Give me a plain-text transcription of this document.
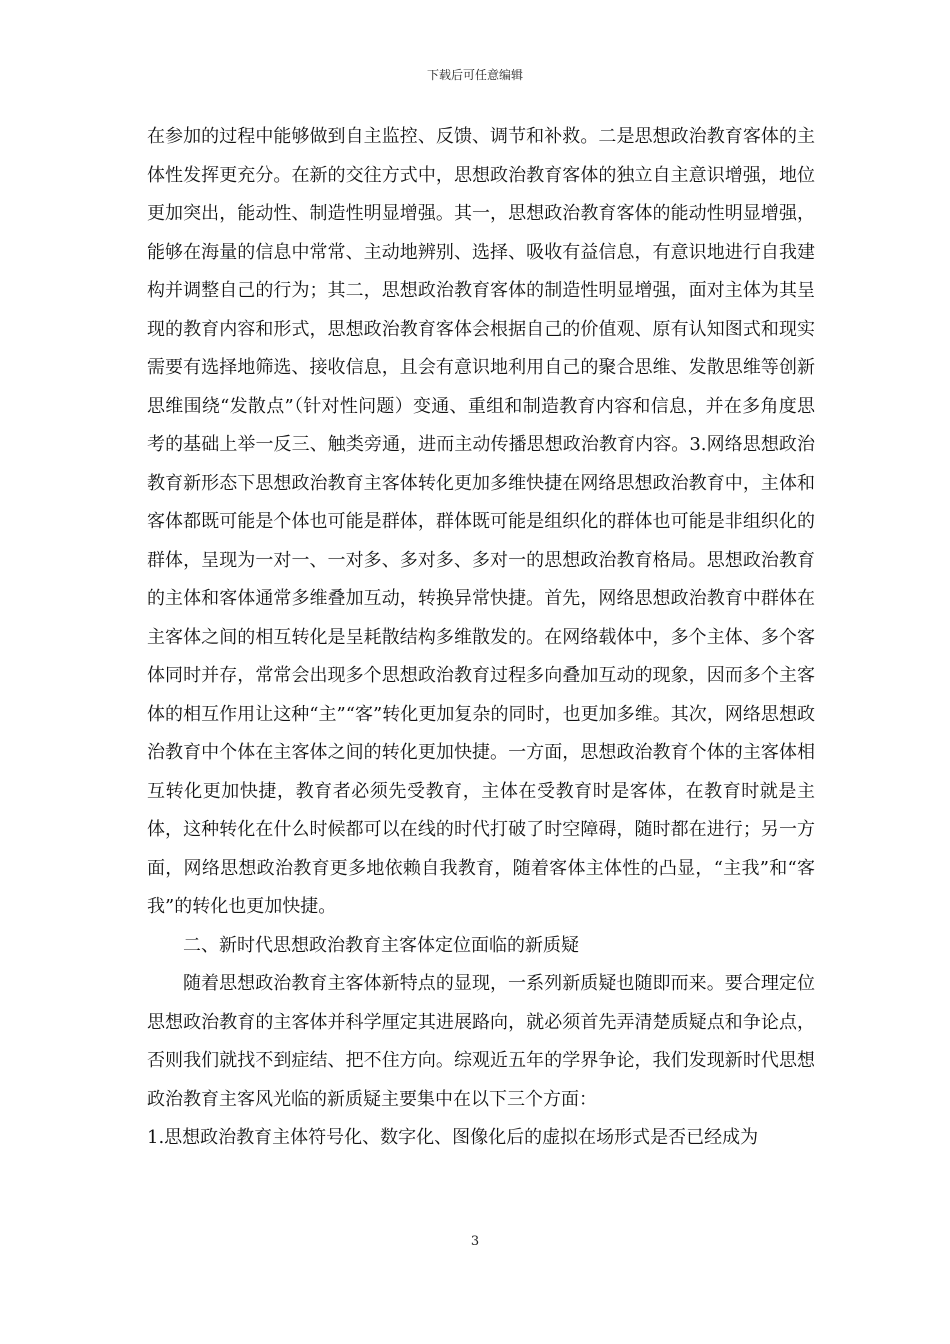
下载后可任意编辑

在参加的过程中能够做到自主监控、反馈、调节和补救。二是思想政治教育客体的主体性发挥更充分。在新的交往方式中，思想政治教育客体的独立自主意识增强，地位更加突出，能动性、制造性明显增强。其一，思想政治教育客体的能动性明显增强，能够在海量的信息中常常、主动地辨别、选择、吸收有益信息，有意识地进行自我建构并调整自己的行为；其二，思想政治教育客体的制造性明显增强，面对主体为其呈现的教育内容和形式，思想政治教育客体会根据自己的价值观、原有认知图式和现实需要有选择地筛选、接收信息，且会有意识地利用自己的聚合思维、发散思维等创新思维围绕“发散点”（针对性问题）变通、重组和制造教育内容和信息，并在多角度思考的基础上举一反三、触类旁通，进而主动传播思想政治教育内容。3.网络思想政治教育新形态下思想政治教育主客体转化更加多维快捷在网络思想政治教育中，主体和客体都既可能是个体也可能是群体，群体既可能是组织化的群体也可能是非组织化的群体，呈现为一对一、一对多、多对多、多对一的思想政治教育格局。思想政治教育的主体和客体通常多维叠加互动，转换异常快捷。首先，网络思想政治教育中群体在主客体之间的相互转化是呈耗散结构多维散发的。在网络载体中，多个主体、多个客体同时并存，常常会出现多个思想政治教育过程多向叠加互动的现象，因而多个主客体的相互作用让这种“主”“客”转化更加复杂的同时，也更加多维。其次，网络思想政治教育中个体在主客体之间的转化更加快捷。一方面，思想政治教育个体的主客体相互转化更加快捷，教育者必须先受教育，主体在受教育时是客体，在教育时就是主体，这种转化在什么时候都可以在线的时代打破了时空障碍，随时都在进行；另一方面，网络思想政治教育更多地依赖自我教育，随着客体主体性的凸显，“主我”和“客我”的转化也更加快捷。

二、新时代思想政治教育主客体定位面临的新质疑

随着思想政治教育主客体新特点的显现，一系列新质疑也随即而来。要合理定位思想政治教育的主客体并科学厘定其进展路向，就必须首先弄清楚质疑点和争论点，否则我们就找不到症结、把不住方向。综观近五年的学界争论，我们发现新时代思想政治教育主客风光临的新质疑主要集中在以下三个方面：

1.思想政治教育主体符号化、数字化、图像化后的虚拟在场形式是否已经成为

3
